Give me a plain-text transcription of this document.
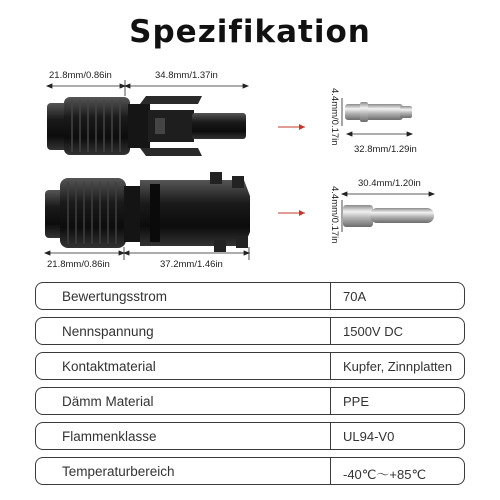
Spezifikation
21.8mm/0.86in	34.8mm/1.37in
4.4mm/0.17in
32.8mm/1.29in
30.4mm/1.20in
4.4mm/0.17in
21.8mm/0.86in	37.2mm/1.46in
Bewertungsstrom	70A
Nennspannung	1500V DC
Kontaktmaterial	Kupfer, Zinnplatten
Dämm Material	PPE
Flammenklasse	UL94-V0
Temperaturbereich	-40℃～+85℃
